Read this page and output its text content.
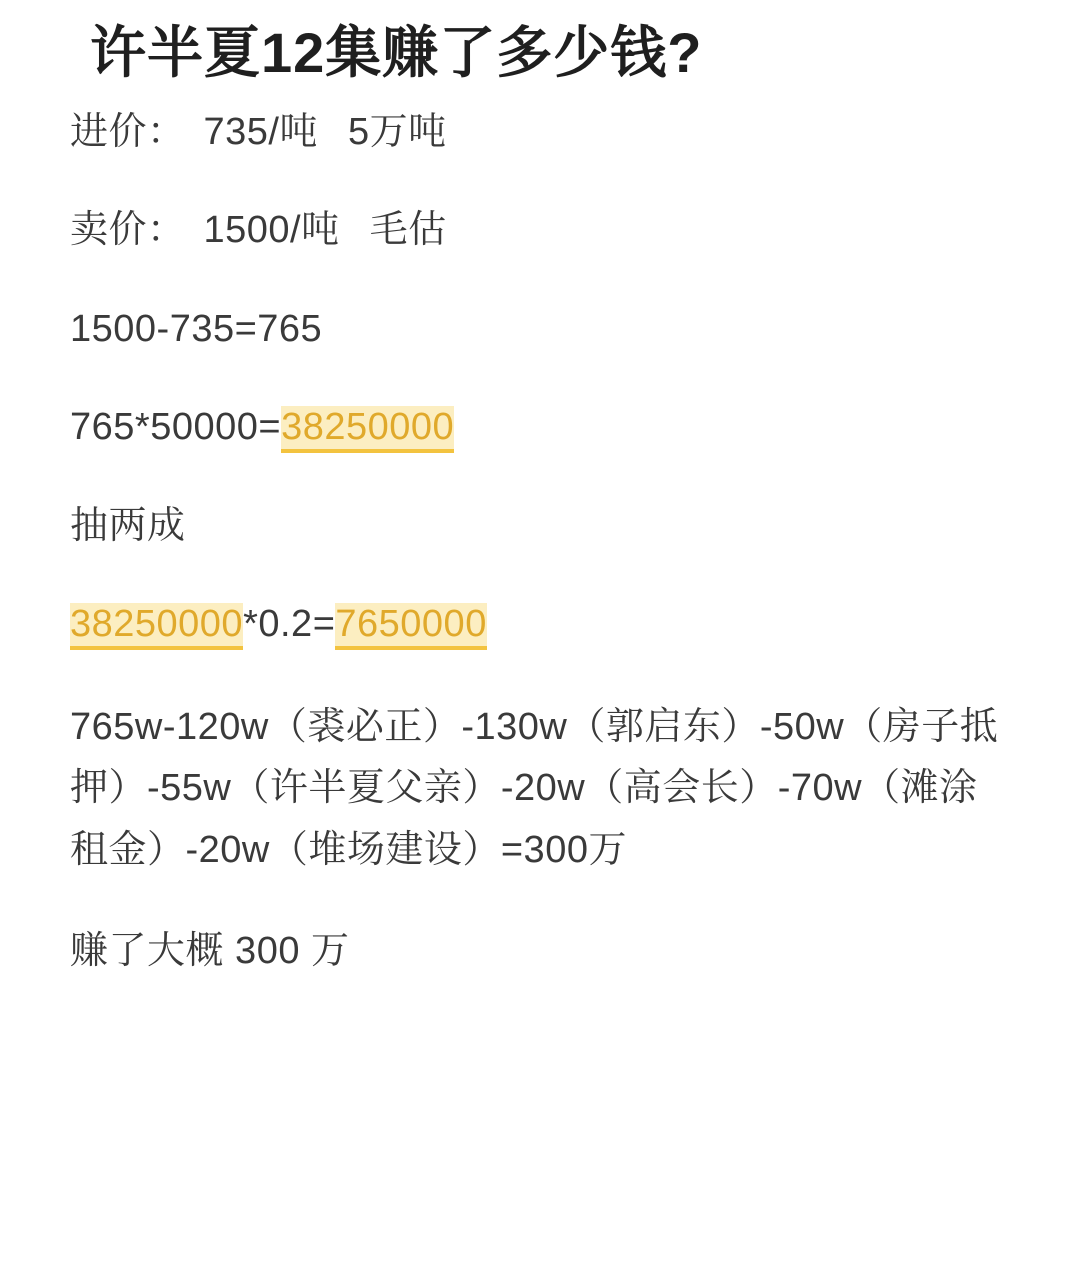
许半夏12集赚了多少钱?

进价： 735/吨 5万吨

卖价： 1500/吨 毛估

1500-735=765

765*50000=38250000

抽两成

38250000*0.2=7650000

765w-120w（裘必正）-130w（郭启东）-50w（房子抵押）-55w（许半夏父亲）-20w（高会长）-70w（滩涂租金）-20w（堆场建设）=300万

赚了大概 300 万
